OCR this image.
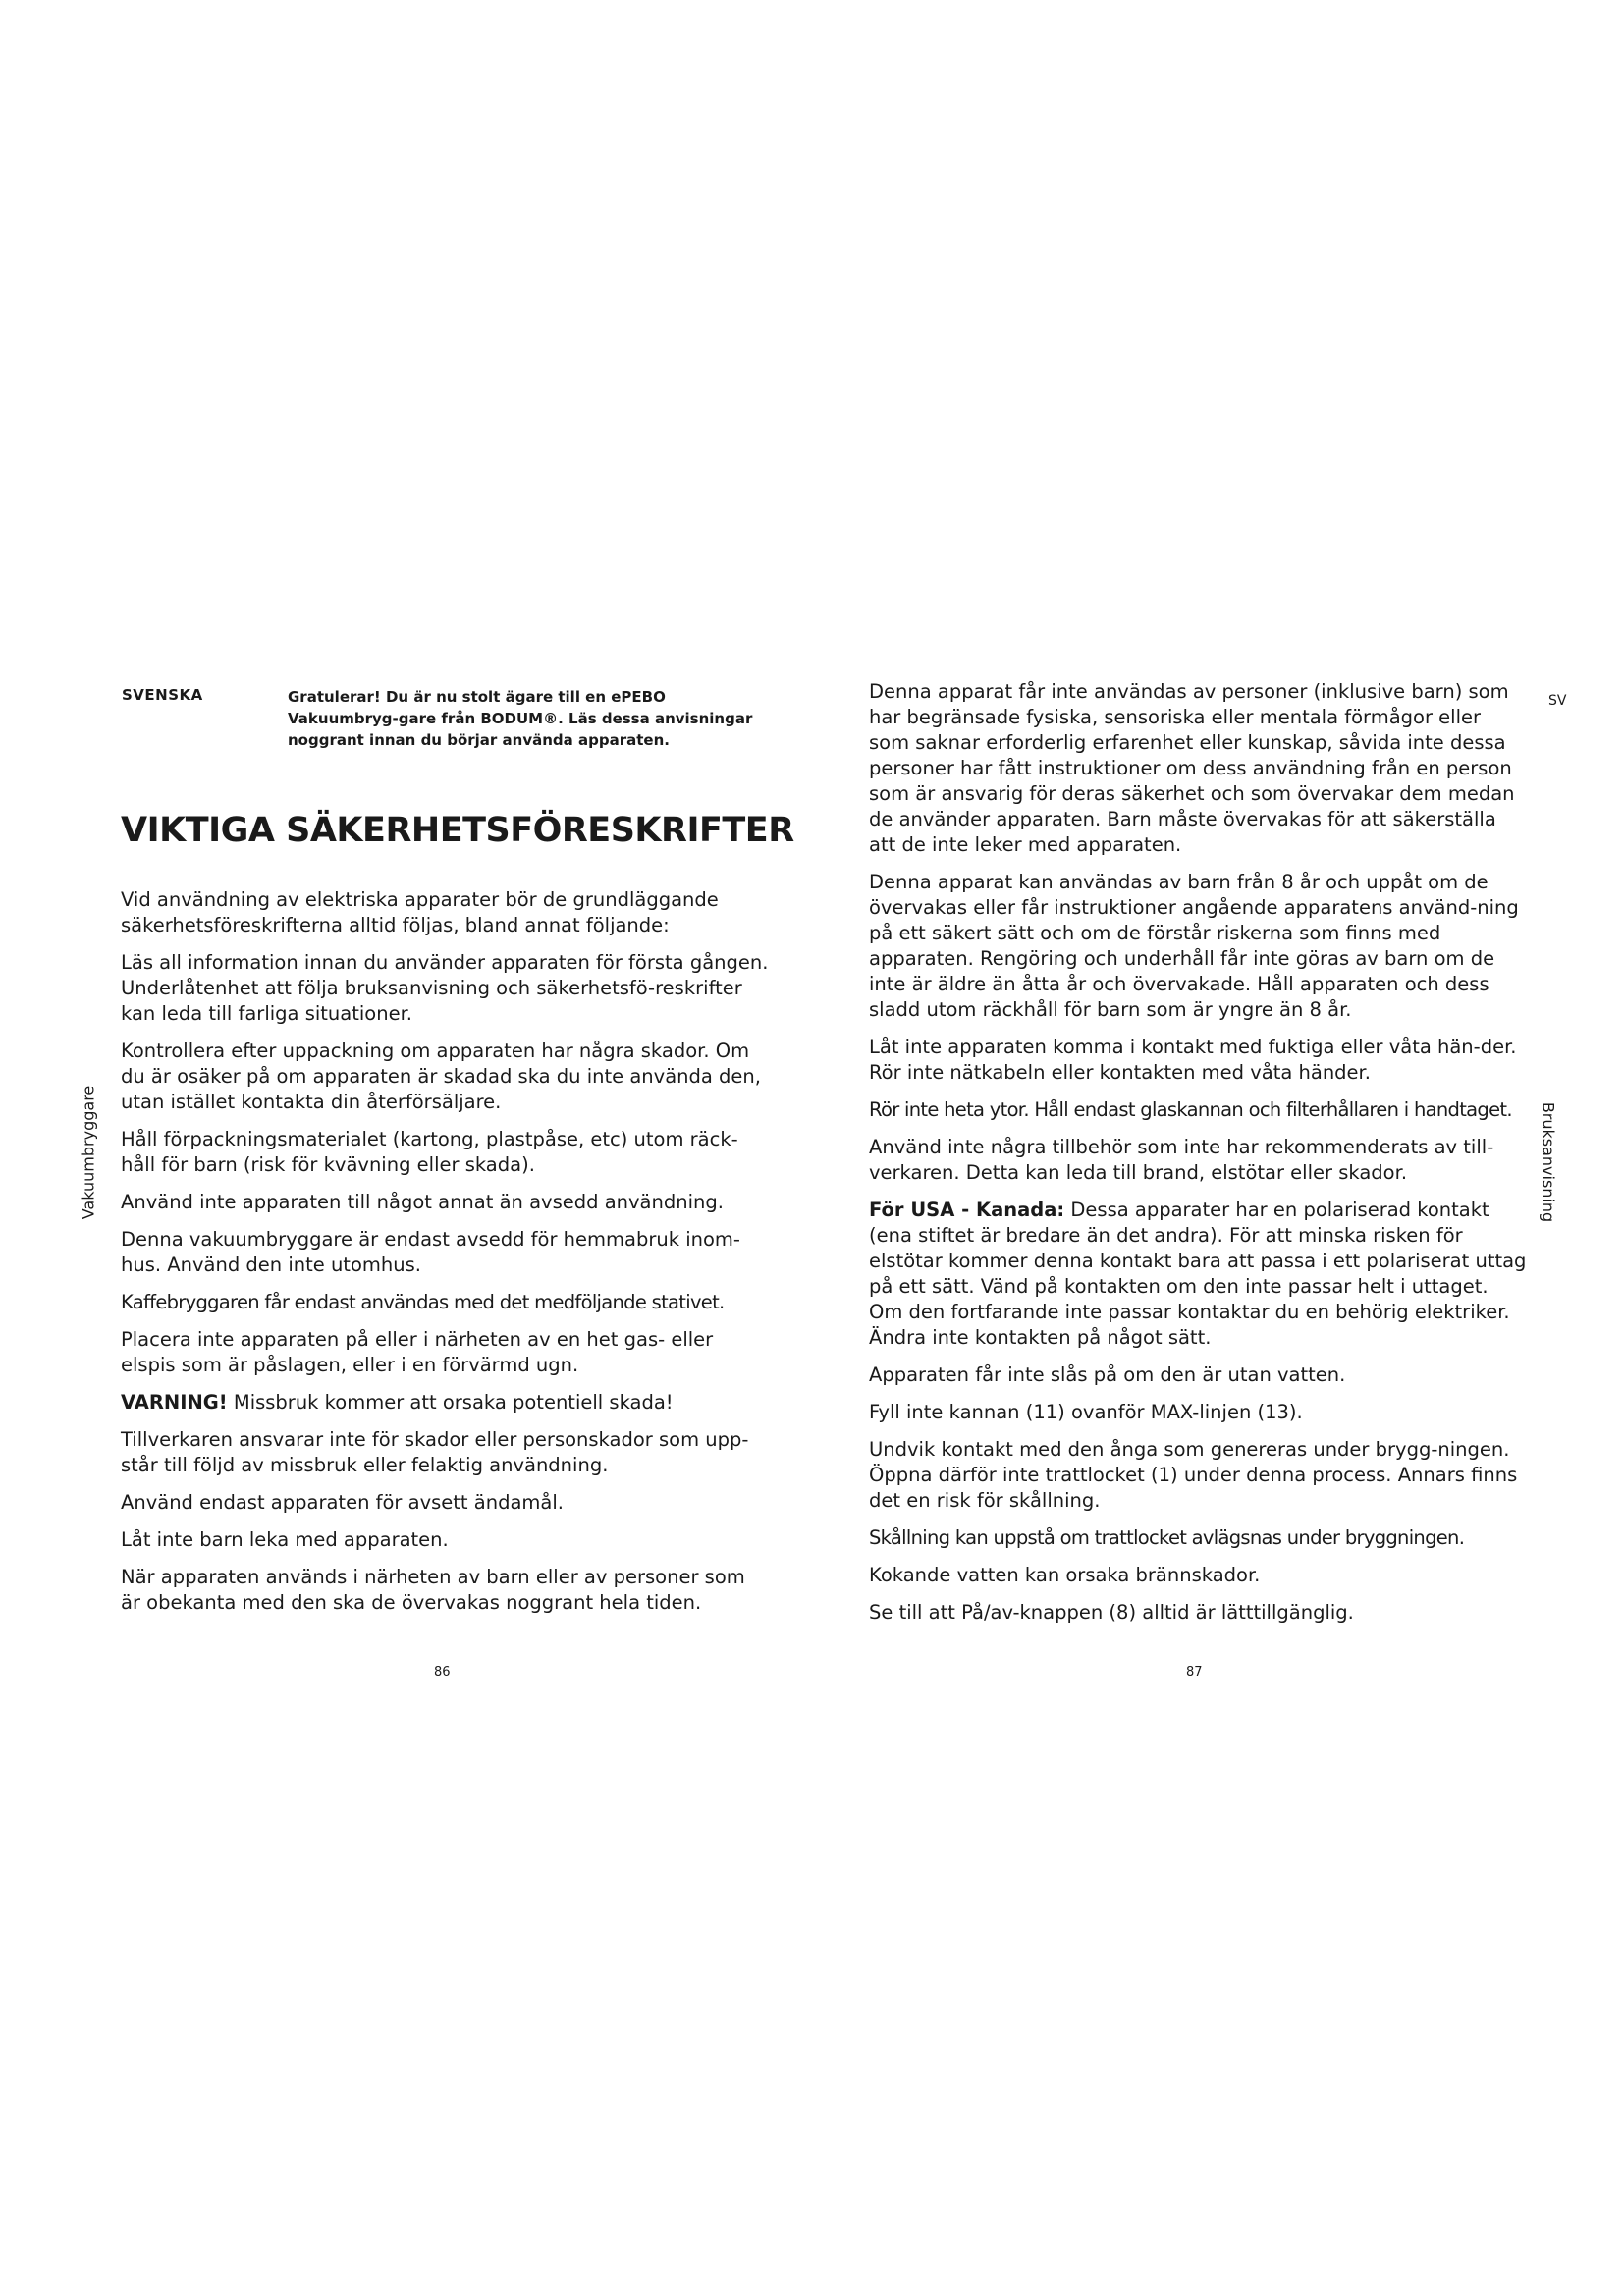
SVENSKA	Gratulerar! Du är nu stolt ägare till en ePEBO Vakuumbryg-gare från BODUM®. Läs dessa anvisningar noggrant innan du börjar använda apparaten.
VIKTIGA SÄKERHETSFÖRESKRIFTER

Vid användning av elektriska apparater bör de grundläggande säkerhetsföreskrifterna alltid följas, bland annat följande:

Läs all information innan du använder apparaten för första gången. Underlåtenhet att följa bruksanvisning och säkerhetsfö-reskrifter kan leda till farliga situationer.

Kontrollera efter uppackning om apparaten har några skador. Om du är osäker på om apparaten är skadad ska du inte använda den, utan istället kontakta din återförsäljare.

Håll förpackningsmaterialet (kartong, plastpåse, etc) utom räck-håll för barn (risk för kvävning eller skada).

Använd inte apparaten till något annat än avsedd användning.

Denna vakuumbryggare är endast avsedd för hemmabruk inom-hus. Använd den inte utomhus.

Kaffebryggaren får endast användas med det medföljande stativet.

Placera inte apparaten på eller i närheten av en het gas- eller elspis som är påslagen, eller i en förvärmd ugn.

VARNING! Missbruk kommer att orsaka potentiell skada!

Tillverkaren ansvarar inte för skador eller personskador som upp-står till följd av missbruk eller felaktig användning.

Använd endast apparaten för avsett ändamål.

Låt inte barn leka med apparaten.

När apparaten används i närheten av barn eller av personer som är obekanta med den ska de övervakas noggrant hela tiden.

Vakuumbryggare
86

Denna apparat får inte användas av personer (inklusive barn) som har begränsade fysiska, sensoriska eller mentala förmågor eller som saknar erforderlig erfarenhet eller kunskap, såvida inte dessa personer har fått instruktioner om dess användning från en person som är ansvarig för deras säkerhet och som övervakar dem medan de använder apparaten. Barn måste övervakas för att säkerställa att de inte leker med apparaten.

Denna apparat kan användas av barn från 8 år och uppåt om de övervakas eller får instruktioner angående apparatens använd-ning på ett säkert sätt och om de förstår riskerna som finns med apparaten. Rengöring och underhåll får inte göras av barn om de inte är äldre än åtta år och övervakade. Håll apparaten och dess sladd utom räckhåll för barn som är yngre än 8 år.

Låt inte apparaten komma i kontakt med fuktiga eller våta hän-der. Rör inte nätkabeln eller kontakten med våta händer.

Rör inte heta ytor. Håll endast glaskannan och filterhållaren i handtaget.

Använd inte några tillbehör som inte har rekommenderats av till-verkaren. Detta kan leda till brand, elstötar eller skador.

För USA - Kanada: Dessa apparater har en polariserad kontakt (ena stiftet är bredare än det andra). För att minska risken för elstötar kommer denna kontakt bara att passa i ett polariserat uttag på ett sätt. Vänd på kontakten om den inte passar helt i uttaget. Om den fortfarande inte passar kontaktar du en behörig elektriker. Ändra inte kontakten på något sätt.

Apparaten får inte slås på om den är utan vatten.

Fyll inte kannan (11) ovanför MAX-linjen (13).

Undvik kontakt med den ånga som genereras under brygg-ningen. Öppna därför inte trattlocket (1) under denna process. Annars finns det en risk för skållning.

Skållning kan uppstå om trattlocket avlägsnas under bryggningen.

Kokande vatten kan orsaka brännskador.

Se till att På/av-knappen (8) alltid är lätttillgänglig.

SV
Bruksanvisning
87
